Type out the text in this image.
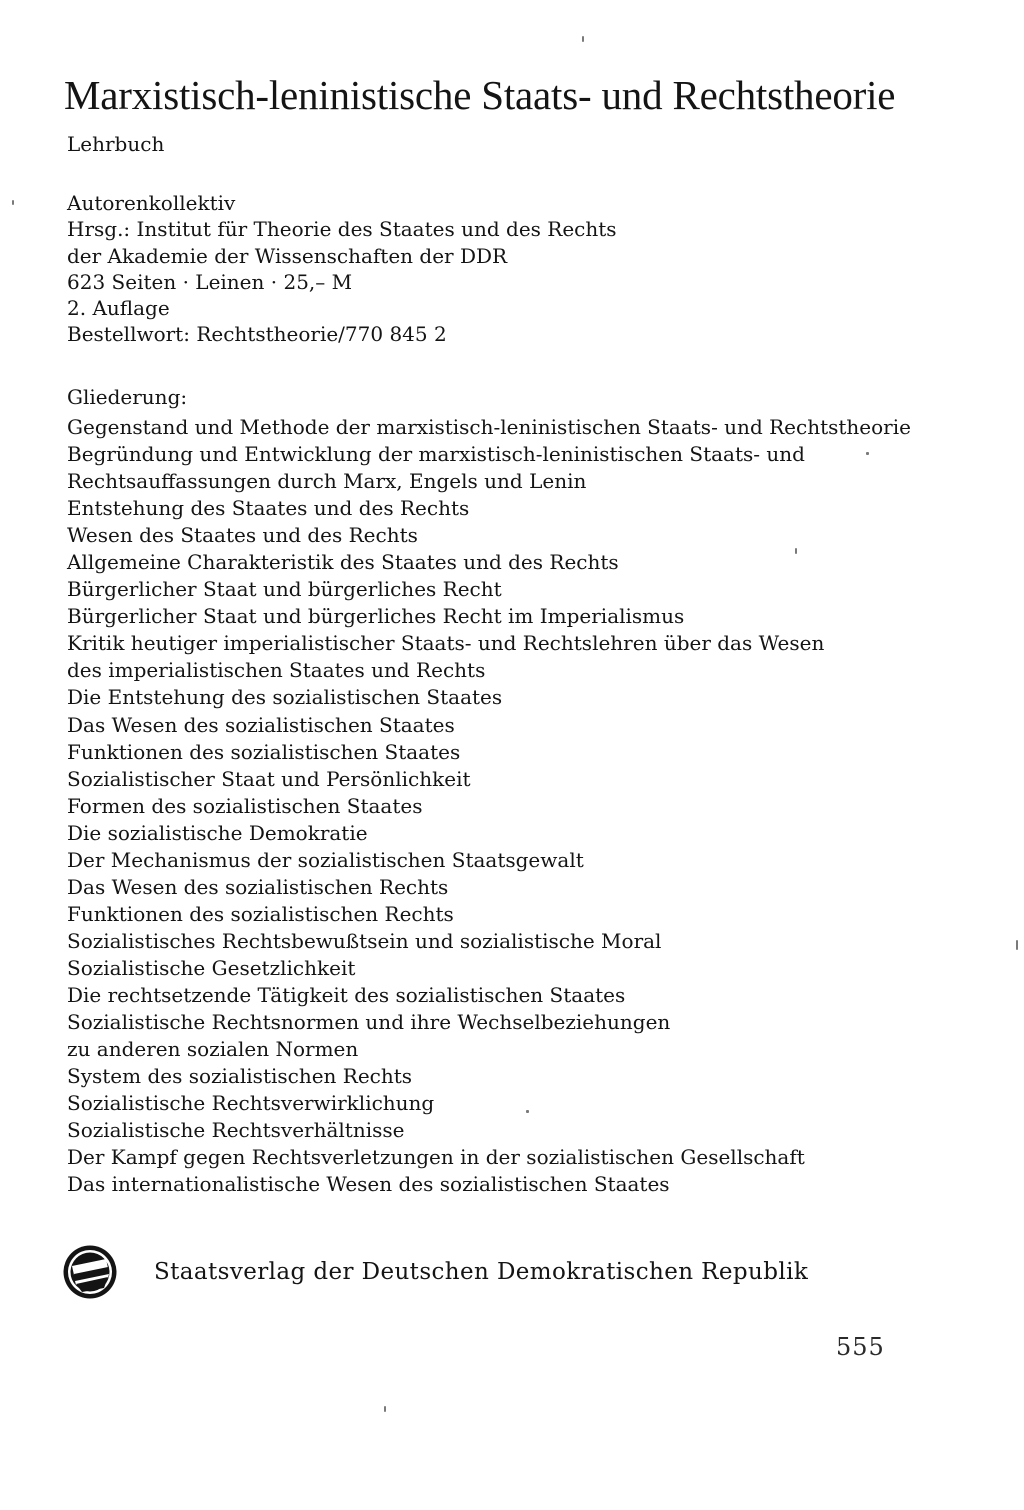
Marxistisch-leninistische Staats- und Rechtstheorie
Lehrbuch
Autorenkollektiv
Hrsg.: Institut für Theorie des Staates und des Rechts
der Akademie der Wissenschaften der DDR
623 Seiten · Leinen · 25,– M
2. Auflage
Bestellwort: Rechtstheorie/770 845 2
Gliederung:
Gegenstand und Methode der marxistisch-leninistischen Staats- und Rechtstheorie
Begründung und Entwicklung der marxistisch-leninistischen Staats- und
Rechtsauffassungen durch Marx, Engels und Lenin
Entstehung des Staates und des Rechts
Wesen des Staates und des Rechts
Allgemeine Charakteristik des Staates und des Rechts
Bürgerlicher Staat und bürgerliches Recht
Bürgerlicher Staat und bürgerliches Recht im Imperialismus
Kritik heutiger imperialistischer Staats- und Rechtslehren über das Wesen
des imperialistischen Staates und Rechts
Die Entstehung des sozialistischen Staates
Das Wesen des sozialistischen Staates
Funktionen des sozialistischen Staates
Sozialistischer Staat und Persönlichkeit
Formen des sozialistischen Staates
Die sozialistische Demokratie
Der Mechanismus der sozialistischen Staatsgewalt
Das Wesen des sozialistischen Rechts
Funktionen des sozialistischen Rechts
Sozialistisches Rechtsbewußtsein und sozialistische Moral
Sozialistische Gesetzlichkeit
Die rechtsetzende Tätigkeit des sozialistischen Staates
Sozialistische Rechtsnormen und ihre Wechselbeziehungen
zu anderen sozialen Normen
System des sozialistischen Rechts
Sozialistische Rechtsverwirklichung
Sozialistische Rechtsverhältnisse
Der Kampf gegen Rechtsverletzungen in der sozialistischen Gesellschaft
Das internationalistische Wesen des sozialistischen Staates
Staatsverlag der Deutschen Demokratischen Republik
555
